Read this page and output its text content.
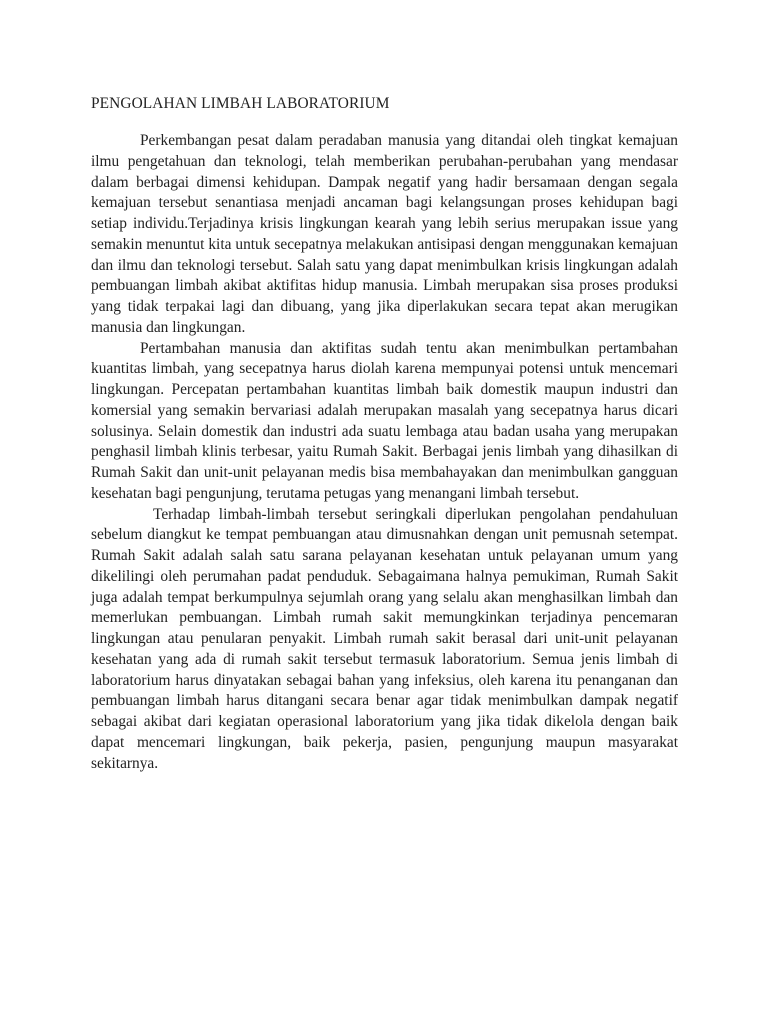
PENGOLAHAN LIMBAH LABORATORIUM

Perkembangan pesat dalam peradaban manusia yang ditandai oleh tingkat kemajuan ilmu pengetahuan dan teknologi, telah memberikan perubahan-perubahan yang mendasar dalam berbagai dimensi kehidupan. Dampak negatif yang hadir bersamaan dengan segala kemajuan tersebut senantiasa menjadi ancaman bagi kelangsungan proses kehidupan bagi setiap individu.Terjadinya krisis lingkungan kearah yang lebih serius merupakan issue yang semakin menuntut kita untuk secepatnya melakukan antisipasi dengan menggunakan kemajuan dan ilmu dan teknologi tersebut. Salah satu yang dapat menimbulkan krisis lingkungan adalah pembuangan limbah akibat aktifitas hidup manusia. Limbah merupakan sisa proses produksi yang tidak terpakai lagi dan dibuang, yang jika diperlakukan secara tepat akan merugikan manusia dan lingkungan.

Pertambahan manusia dan aktifitas sudah tentu akan menimbulkan pertambahan kuantitas limbah, yang secepatnya harus diolah karena mempunyai potensi untuk mencemari lingkungan. Percepatan pertambahan kuantitas limbah baik domestik maupun industri dan komersial yang semakin bervariasi adalah merupakan masalah yang secepatnya harus dicari solusinya. Selain domestik dan industri ada suatu lembaga atau badan usaha yang merupakan penghasil limbah klinis terbesar, yaitu Rumah Sakit. Berbagai jenis limbah yang dihasilkan di Rumah Sakit dan unit-unit pelayanan medis bisa membahayakan dan menimbulkan gangguan kesehatan bagi pengunjung, terutama petugas yang menangani limbah tersebut.

Terhadap limbah-limbah tersebut seringkali diperlukan pengolahan pendahuluan sebelum diangkut ke tempat pembuangan atau dimusnahkan dengan unit pemusnah setempat. Rumah Sakit adalah salah satu sarana pelayanan kesehatan untuk pelayanan umum yang dikelilingi oleh perumahan padat penduduk. Sebagaimana halnya pemukiman, Rumah Sakit juga adalah tempat berkumpulnya sejumlah orang yang selalu akan menghasilkan limbah dan memerlukan pembuangan. Limbah rumah sakit memungkinkan terjadinya pencemaran lingkungan atau penularan penyakit. Limbah rumah sakit berasal dari unit-unit pelayanan kesehatan yang ada di rumah sakit tersebut termasuk laboratorium. Semua jenis limbah di laboratorium harus dinyatakan sebagai bahan yang infeksius, oleh karena itu penanganan dan pembuangan limbah harus ditangani secara benar agar tidak menimbulkan dampak negatif sebagai akibat dari kegiatan operasional laboratorium yang jika tidak dikelola dengan baik dapat mencemari lingkungan, baik pekerja, pasien, pengunjung maupun masyarakat sekitarnya.
